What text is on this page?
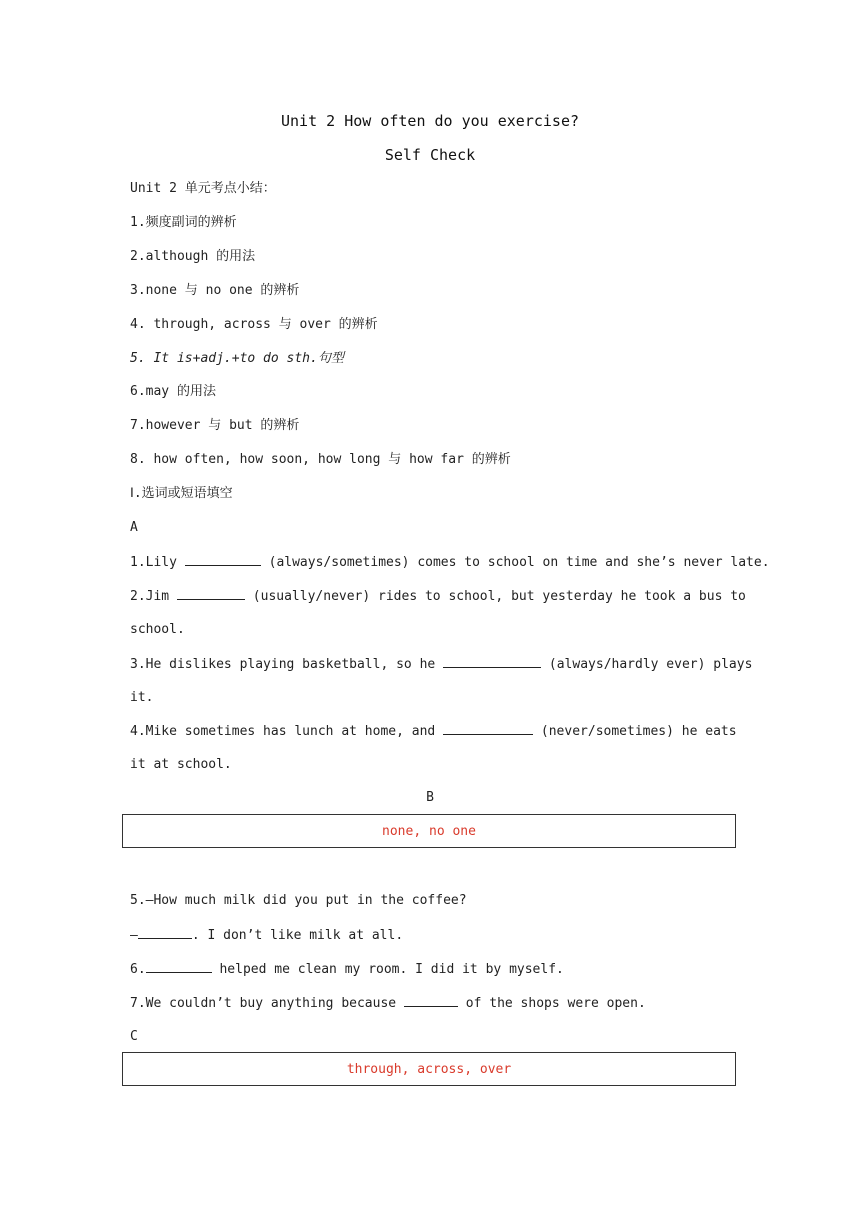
Unit 2 How often do you exercise?
Self Check
Unit 2 单元考点小结：
1.频度副词的辨析
2.although 的用法
3.none 与 no one 的辨析
4. through, across 与 over 的辨析
5. It is+adj.+to do sth.句型
6.may 的用法
7.however 与 but 的辨析
8. how often, how soon, how long 与 how far 的辨析
Ⅰ.选词或短语填空
A
1.Lily	(always/sometimes) comes to school on time and she’s never late.
2.Jim	(usually/never) rides to school, but yesterday he took a bus to
school.
3.He dislikes playing basketball, so he	(always/hardly ever) plays
it.
4.Mike sometimes has lunch at home, and	(never/sometimes) he eats
it at school.
B
none, no one
5.—How much milk did you put in the coffee?
—	. I don’t like milk at all.
6.	helped me clean my room. I did it by myself.
7.We couldn’t buy anything because	of the shops were open.
C
through, across, over
